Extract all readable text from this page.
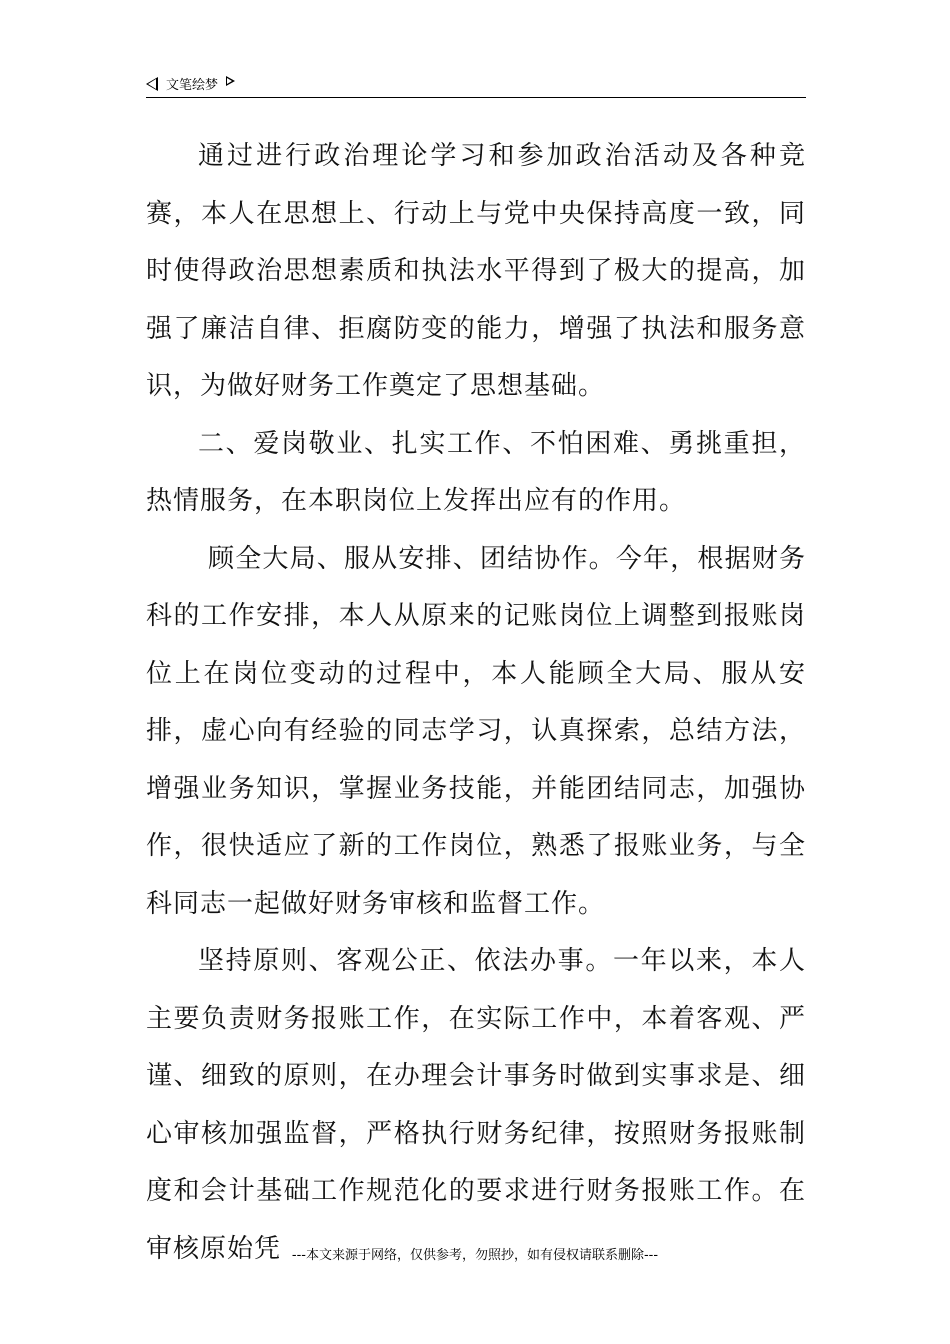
文笔绘梦

通过进行政治理论学习和参加政治活动及各种竞赛，本人在思想上、行动上与党中央保持高度一致，同时使得政治思想素质和执法水平得到了极大的提高，加强了廉洁自律、拒腐防变的能力，增强了执法和服务意识，为做好财务工作奠定了思想基础。

二、爱岗敬业、扎实工作、不怕困难、勇挑重担，热情服务，在本职岗位上发挥出应有的作用。

顾全大局、服从安排、团结协作。今年，根据财务科的工作安排，本人从原来的记账岗位上调整到报账岗位上在岗位变动的过程中，本人能顾全大局、服从安排，虚心向有经验的同志学习，认真探索，总结方法，增强业务知识，掌握业务技能，并能团结同志，加强协作，很快适应了新的工作岗位，熟悉了报账业务，与全科同志一起做好财务审核和监督工作。

坚持原则、客观公正、依法办事。一年以来，本人主要负责财务报账工作，在实际工作中，本着客观、严谨、细致的原则，在办理会计事务时做到实事求是、细心审核加强监督，严格执行财务纪律，按照财务报账制度和会计基础工作规范化的要求进行财务报账工作。在审核原始凭 ---本文来源于网络，仅供参考，勿照抄，如有侵权请联系删除---
